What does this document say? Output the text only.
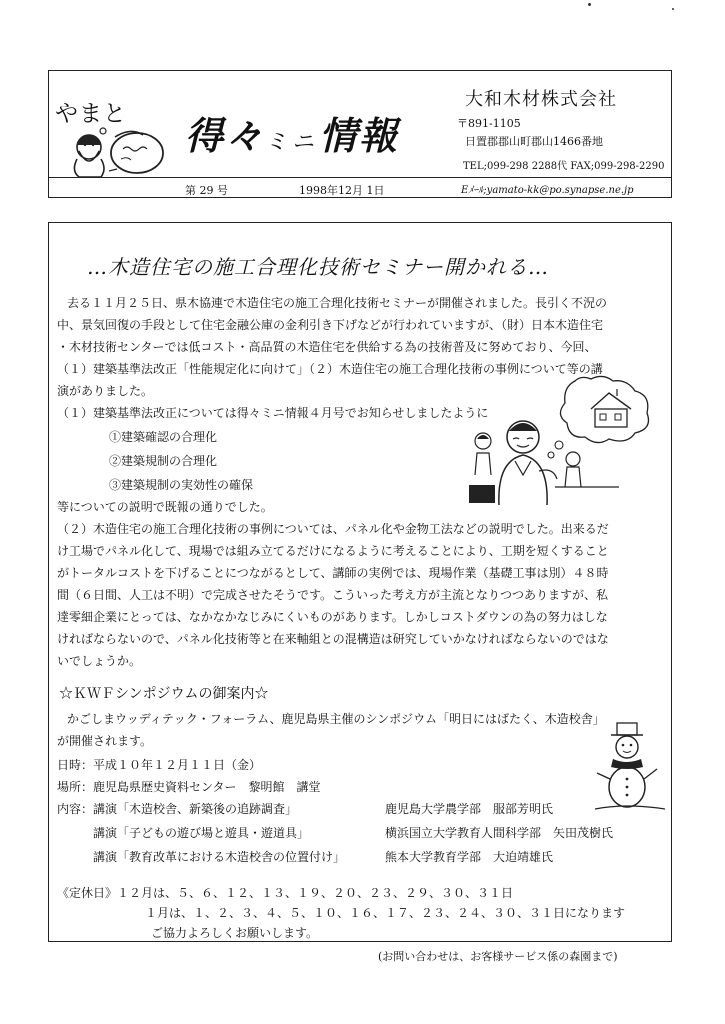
やまと 得々ミニ情報
大和木材株式会社
〒891-1105
日置郡郡山町郡山1466番地
TEL;099-298 2288代 FAX;099-298-2290
第 29 号	1998年12月 1日	Eﾒｰﾙ;yamato-kk@po.synapse.ne.jp
…木造住宅の施工合理化技術セミナー開かれる…
去る１１月２５日、県木協連で木造住宅の施工合理化技術セミナーが開催されました。長引く不況の
中、景気回復の手段として住宅金融公庫の金利引き下げなどが行われていますが、（財）日本木造住宅
・木材技術センターでは低コスト・高品質の木造住宅を供給する為の技術普及に努めており、今回、
（１）建築基準法改正「性能規定化に向けて」（２）木造住宅の施工合理化技術の事例について等の講
演がありました。
（１）建築基準法改正については得々ミニ情報４月号でお知らせしましたように
①建築確認の合理化
②建築規制の合理化
③建築規制の実効性の確保
等についての説明で既報の通りでした。
（２）木造住宅の施工合理化技術の事例については、パネル化や金物工法などの説明でした。出来るだ
け工場でパネル化して、現場では組み立てるだけになるように考えることにより、工期を短くすること
がトータルコストを下げることにつながるとして、講師の実例では、現場作業（基礎工事は別）４８時
間（６日間、人工は不明）で完成させたそうです。こういった考え方が主流となりつつありますが、私
達零細企業にとっては、なかなかなじみにくいものがあります。しかしコストダウンの為の努力はしな
ければならないので、パネル化技術等と在来軸組との混構造は研究していかなければならないのではな
いでしょうか。
☆ＫＷＦシンポジウムの御案内☆
かごしまウッディテック・フォーラム、鹿児島県主催のシンポジウム「明日にはばたく、木造校舎」
が開催されます。
日時：平成１０年１２月１１日（金）
場所：鹿児島県歴史資料センター　黎明館　講堂
内容： 講演「木造校舎、新築後の追跡調査」	鹿児島大学農学部　服部芳明氏
講演「子どもの遊び場と遊具・遊道具」	横浜国立大学教育人間科学部　矢田茂樹氏
講演「教育改革における木造校舎の位置付け」	熊本大学教育学部　大迫靖雄氏
《定休日》１２月は、５、６、１２、１３、１９、２０、２３、２９、３０、３１日
１月は、１、２、３、４、５、１０、１６、１７、２３、２４、３０、３１日になります
ご協力よろしくお願いします。
(お問い合わせは、お客様サービス係の森園まで)
